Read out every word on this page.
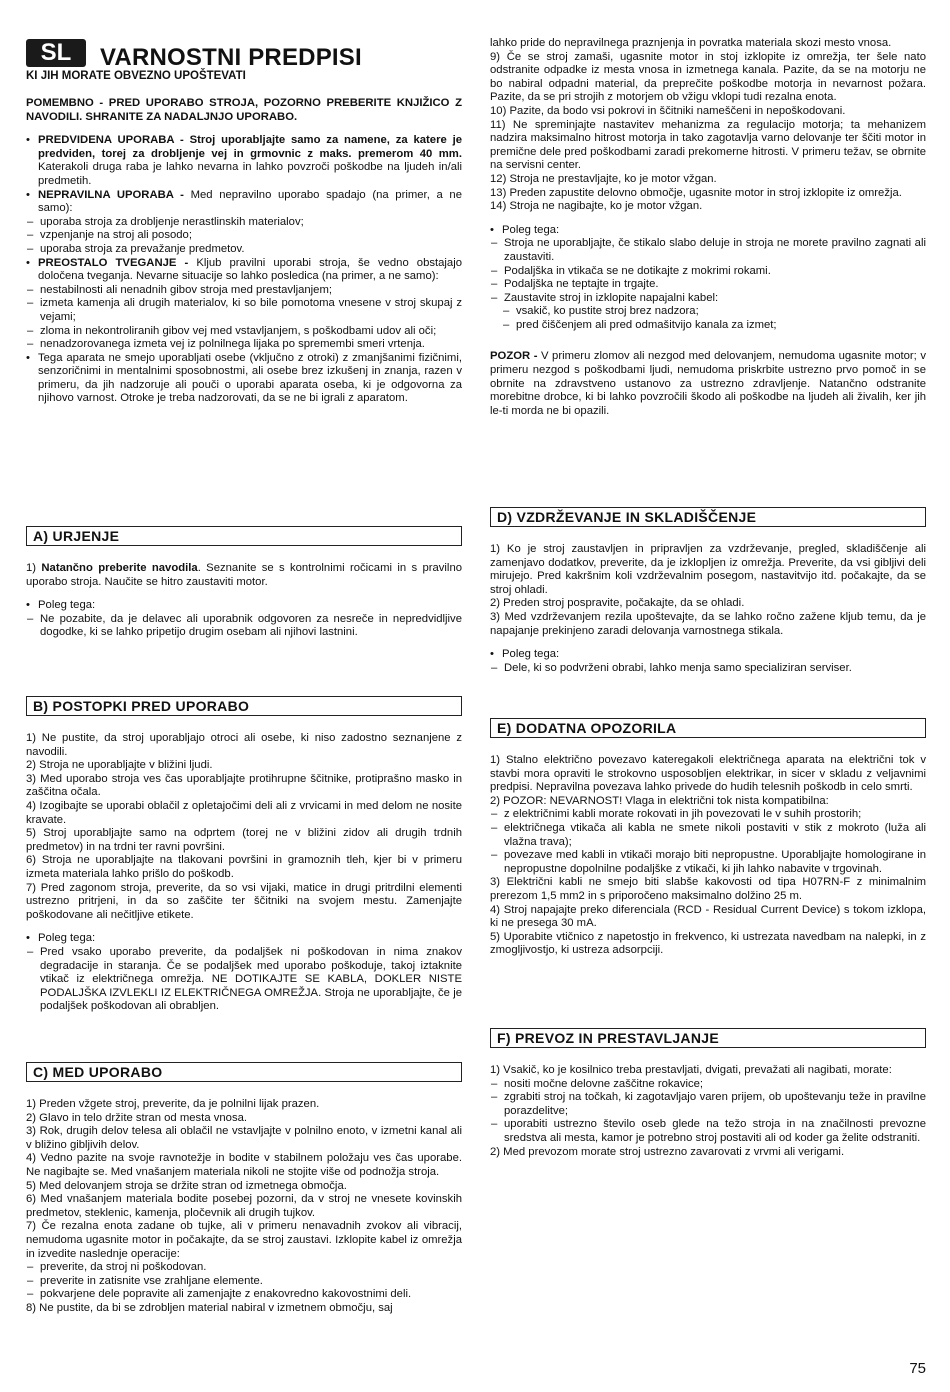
SL	VARNOSTNI PREDPISI
KI JIH MORATE OBVEZNO UPOŠTEVATI

POMEMBNO - PRED UPORABO STROJA, POZORNO PREBERITE KNJIŽICO Z NAVODILI. SHRANITE ZA NADALJNJO UPORABO.

• PREDVIDENA UPORABA - Stroj uporabljajte samo za namene, za katere je predviden, torej za drobljenje vej in grmovnic z maks. premerom 40 mm. Katerakoli druga raba je lahko nevarna in lahko povzroči poškodbe na ljudeh in/ali predmetih.
• NEPRAVILNA UPORABA - Med nepravilno uporabo spadajo (na primer, a ne samo):
– uporaba stroja za drobljenje nerastlinskih materialov;
– vzpenjanje na stroj ali posodo;
– uporaba stroja za prevažanje predmetov.
• PREOSTALO TVEGANJE - Kljub pravilni uporabi stroja, še vedno obstajajo določena tveganja. Nevarne situacije so lahko posledica (na primer, a ne samo):
– nestabilnosti ali nenadnih gibov stroja med prestavljanjem;
– izmeta kamenja ali drugih materialov, ki so bile pomotoma vnesene v stroj skupaj z vejami;
– zloma in nekontroliranih gibov vej med vstavljanjem, s poškodbami udov ali oči;
– nenadzorovanega izmeta vej iz polnilnega lijaka po spremembi smeri vrtenja.
• Tega aparata ne smejo uporabljati osebe (vključno z otroki) z zmanjšanimi fizičnimi, senzoričnimi in mentalnimi sposobnostmi, ali osebe brez izkušenj in znanja, razen v primeru, da jih nadzoruje ali pouči o uporabi aparata oseba, ki je odgovorna za njihovo varnost. Otroke je treba nadzorovati, da se ne bi igrali z aparatom.
A) URJENJE

1) Natančno preberite navodila. Seznanite se s kontrolnimi ročicami in s pravilno uporabo stroja. Naučite se hitro zaustaviti motor.

• Poleg tega:
– Ne pozabite, da je delavec ali uporabnik odgovoren za nesreče in nepredvidljive dogodke, ki se lahko pripetijo drugim osebam ali njihovi lastnini.
B) POSTOPKI PRED UPORABO

1) Ne pustite, da stroj uporabljajo otroci ali osebe, ki niso zadostno seznanjene z navodili.

2) Stroja ne uporabljajte v bližini ljudi.

3) Med uporabo stroja ves čas uporabljajte protihrupne ščitnike, protiprašno masko in zaščitna očala.

4) Izogibajte se uporabi oblačil z opletajočimi deli ali z vrvicami in med delom ne nosite kravate.

5) Stroj uporabljajte samo na odprtem (torej ne v bližini zidov ali drugih trdnih predmetov) in na trdni ter ravni površini.

6) Stroja ne uporabljajte na tlakovani površini in gramoznih tleh, kjer bi v primeru izmeta materiala lahko prišlo do poškodb.

7) Pred zagonom stroja, preverite, da so vsi vijaki, matice in drugi pritrdilni elementi ustrezno pritrjeni, in da so zaščite ter ščitniki na svojem mestu. Zamenjajte poškodovane ali nečitljive etikete.

• Poleg tega:
– Pred vsako uporabo preverite, da podaljšek ni poškodovan in nima znakov degradacije in staranja. Če se podaljšek med uporabo poškoduje, takoj iztaknite vtikač iz električnega omrežja. NE DOTIKAJTE SE KABLA, DOKLER NISTE PODALJŠKA IZVLEKLI IZ ELEKTRIČNEGA OMREŽJA. Stroja ne uporabljajte, če je podaljšek poškodovan ali obrabljen.
C) MED UPORABO

1) Preden vžgete stroj, preverite, da je polnilni lijak prazen.

2) Glavo in telo držite stran od mesta vnosa.

3) Rok, drugih delov telesa ali oblačil ne vstavljajte v polnilno enoto, v izmetni kanal ali v bližino gibljivih delov.

4) Vedno pazite na svoje ravnotežje in bodite v stabilnem položaju ves čas uporabe. Ne nagibajte se. Med vnašanjem materiala nikoli ne stojite više od podnožja stroja.

5) Med delovanjem stroja se držite stran od izmetnega območja.

6) Med vnašanjem materiala bodite posebej pozorni, da v stroj ne vnesete kovinskih predmetov, steklenic, kamenja, pločevnik ali drugih tujkov.

7) Če rezalna enota zadane ob tujke, ali v primeru nenavadnih zvokov ali vibracij, nemudoma ugasnite motor in počakajte, da se stroj zaustavi. Izklopite kabel iz omrežja in izvedite naslednje operacije:

– preverite, da stroj ni poškodovan.
– preverite in zatisnite vse zrahljane elemente.
– pokvarjene dele popravite ali zamenjajte z enakovredno kakovostnimi deli.

8) Ne pustite, da bi se zdrobljen material nabiral v izmetnem območju, saj

lahko pride do nepravilnega praznjenja in povratka materiala skozi mesto vnosa.

9) Če se stroj zamaši, ugasnite motor in stoj izklopite iz omrežja, ter šele nato odstranite odpadke iz mesta vnosa in izmetnega kanala. Pazite, da se na motorju ne bo nabiral odpadni material, da preprečite poškodbe motorja in nevarnost požara. Pazite, da se pri strojih z motorjem ob vžigu vklopi tudi rezalna enota.

10) Pazite, da bodo vsi pokrovi in ščitniki nameščeni in nepoškodovani.

11) Ne spreminjajte nastavitev mehanizma za regulacijo motorja; ta mehanizem nadzira maksimalno hitrost motorja in tako zagotavlja varno delovanje ter ščiti motor in premične dele pred poškodbami zaradi prekomerne hitrosti. V primeru težav, se obrnite na servisni center.

12) Stroja ne prestavljajte, ko je motor vžgan.

13) Preden zapustite delovno območje, ugasnite motor in stroj izklopite iz omrežja.

14) Stroja ne nagibajte, ko je motor vžgan.

• Poleg tega:
– Stroja ne uporabljajte, če stikalo slabo deluje in stroja ne morete pravilno zagnati ali zaustaviti.
– Podaljška in vtikača se ne dotikajte z mokrimi rokami.
– Podaljška ne teptajte in trgajte.
– Zaustavite stroj in izklopite napajalni kabel:
– vsakič, ko pustite stroj brez nadzora;
– pred čiščenjem ali pred odmašitvijo kanala za izmet;

POZOR - V primeru zlomov ali nezgod med delovanjem, nemudoma ugasnite motor; v primeru nezgod s poškodbami ljudi, nemudoma priskrbite ustrezno prvo pomoč in se obrnite na zdravstveno ustanovo za ustrezno zdravljenje. Natančno odstranite morebitne drobce, ki bi lahko povzročili škodo ali poškodbe na ljudeh ali živalih, ker jih le-ti morda ne bi opazili.

D) VZDRŽEVANJE IN SKLADIŠČENJE

1) Ko je stroj zaustavljen in pripravljen za vzdrževanje, pregled, skladiščenje ali zamenjavo dodatkov, preverite, da je izklopljen iz omrežja. Preverite, da vsi gibljivi deli mirujejo. Pred kakršnim koli vzdrževalnim posegom, nastavitvijo itd. počakajte, da se stroj ohladi.

2) Preden stroj pospravite, počakajte, da se ohladi.

3) Med vzdrževanjem rezila upoštevajte, da se lahko ročno zažene kljub temu, da je napajanje prekinjeno zaradi delovanja varnostnega stikala.

• Poleg tega:
– Dele, ki so podvrženi obrabi, lahko menja samo specializiran serviser.
E) DODATNA OPOZORILA

1) Stalno električno povezavo kateregakoli električnega aparata na električni tok v stavbi mora opraviti le strokovno usposobljen elektrikar, in sicer v skladu z veljavnimi predpisi. Nepravilna povezava lahko privede do hudih telesnih poškodb in celo smrti.

2) POZOR: NEVARNOST! Vlaga in električni tok nista kompatibilna:

– z električnimi kabli morate rokovati in jih povezovati le v suhih prostorih;
– električnega vtikača ali kabla ne smete nikoli postaviti v stik z mokroto (luža ali vlažna trava);
– povezave med kabli in vtikači morajo biti nepropustne. Uporabljajte homologirane in nepropustne dopolnilne podaljške z vtikači, ki jih lahko nabavite v trgovinah.

3) Električni kabli ne smejo biti slabše kakovosti od tipa H07RN-F z minimalnim prerezom 1,5 mm2 in s priporočeno maksimalno dolžino 25 m.

4) Stroj napajajte preko diferenciala (RCD - Residual Current Device) s tokom izklopa, ki ne presega 30 mA.

5) Uporabite vtičnico z napetostjo in frekvenco, ki ustrezata navedbam na nalepki, in z zmogljivostjo, ki ustreza adsorpciji.

F) PREVOZ IN PRESTAVLJANJE

1) Vsakič, ko je kosilnico treba prestavljati, dvigati, prevažati ali nagibati, morate:

– nositi močne delovne zaščitne rokavice;
– zgrabiti stroj na točkah, ki zagotavljajo varen prijem, ob upoštevanju teže in pravilne porazdelitve;
– uporabiti ustrezno število oseb glede na težo stroja in na značilnosti prevozne sredstva ali mesta, kamor je potrebno stroj postaviti ali od koder ga želite odstraniti.

2) Med prevozom morate stroj ustrezno zavarovati z vrvmi ali verigami.

75
